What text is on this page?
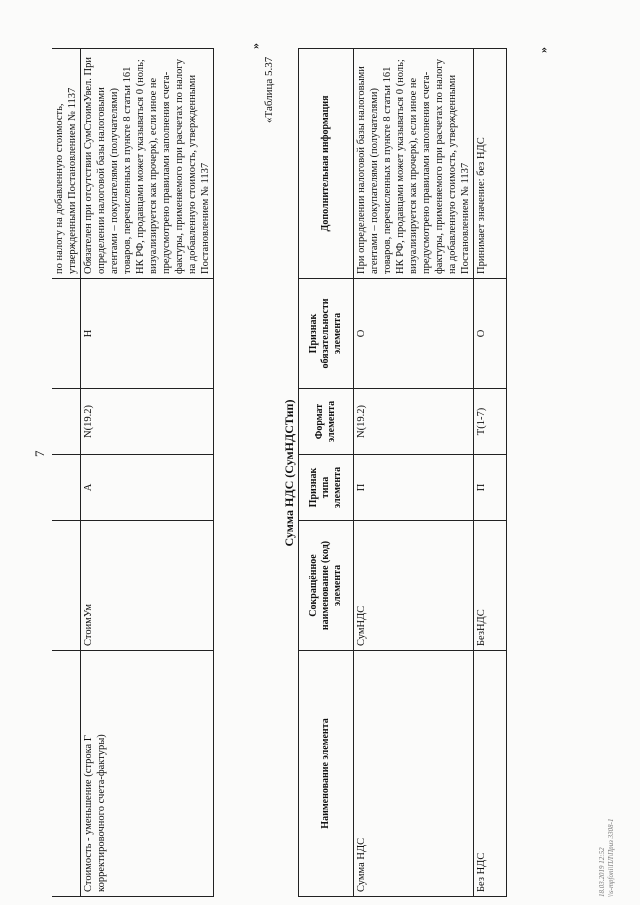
7
					по налогу на добавленную стоимость, утвержденными Постановлением № 1137
Стоимость - уменьшение (строка Г корректировочного счета-фактуры)	СтоимУм	А	N(19.2)	Н	Обязателен при отсутствии СумСтоимУвел. При определении налоговой базы налоговыми агентами – покупателями (получателями) товаров, перечисленных в пункте 8 статьи 161 НК РФ, продавцами может указываться 0 (ноль; визуализируется как прочерк), если иное не предусмотрено правилами заполнения счета-фактуры, применяемого при расчетах по налогу на добавленную стоимость, утвержденными Постановлением № 1137
»
«Таблица 5.37
Сумма НДС (СумНДСТип)
Наименование элемента	Сокращённое наименование (код) элемента	Признак типа элемента	Формат элемента	Признак обязательности элемента	Дополнительная информация
Сумма НДС	СумНДС	П	N(19.2)	О	При определении налоговой базы налоговыми агентами – покупателями (получателями) товаров, перечисленных в пункте 8 статьи 161 НК РФ, продавцами может указываться 0 (ноль; визуализируется как прочерк), если иное не предусмотрено правилами заполнения счета-фактуры, применяемого при расчетах по налогу на добавленную стоимость, утвержденными Постановлением № 1137
Без НДС	БезНДС	П	T(1-7)	О	Принимает значение: без НДС
»
18.03.2019 12:52 \\s-mpfoni\ПЛ\Приз 3308-1
